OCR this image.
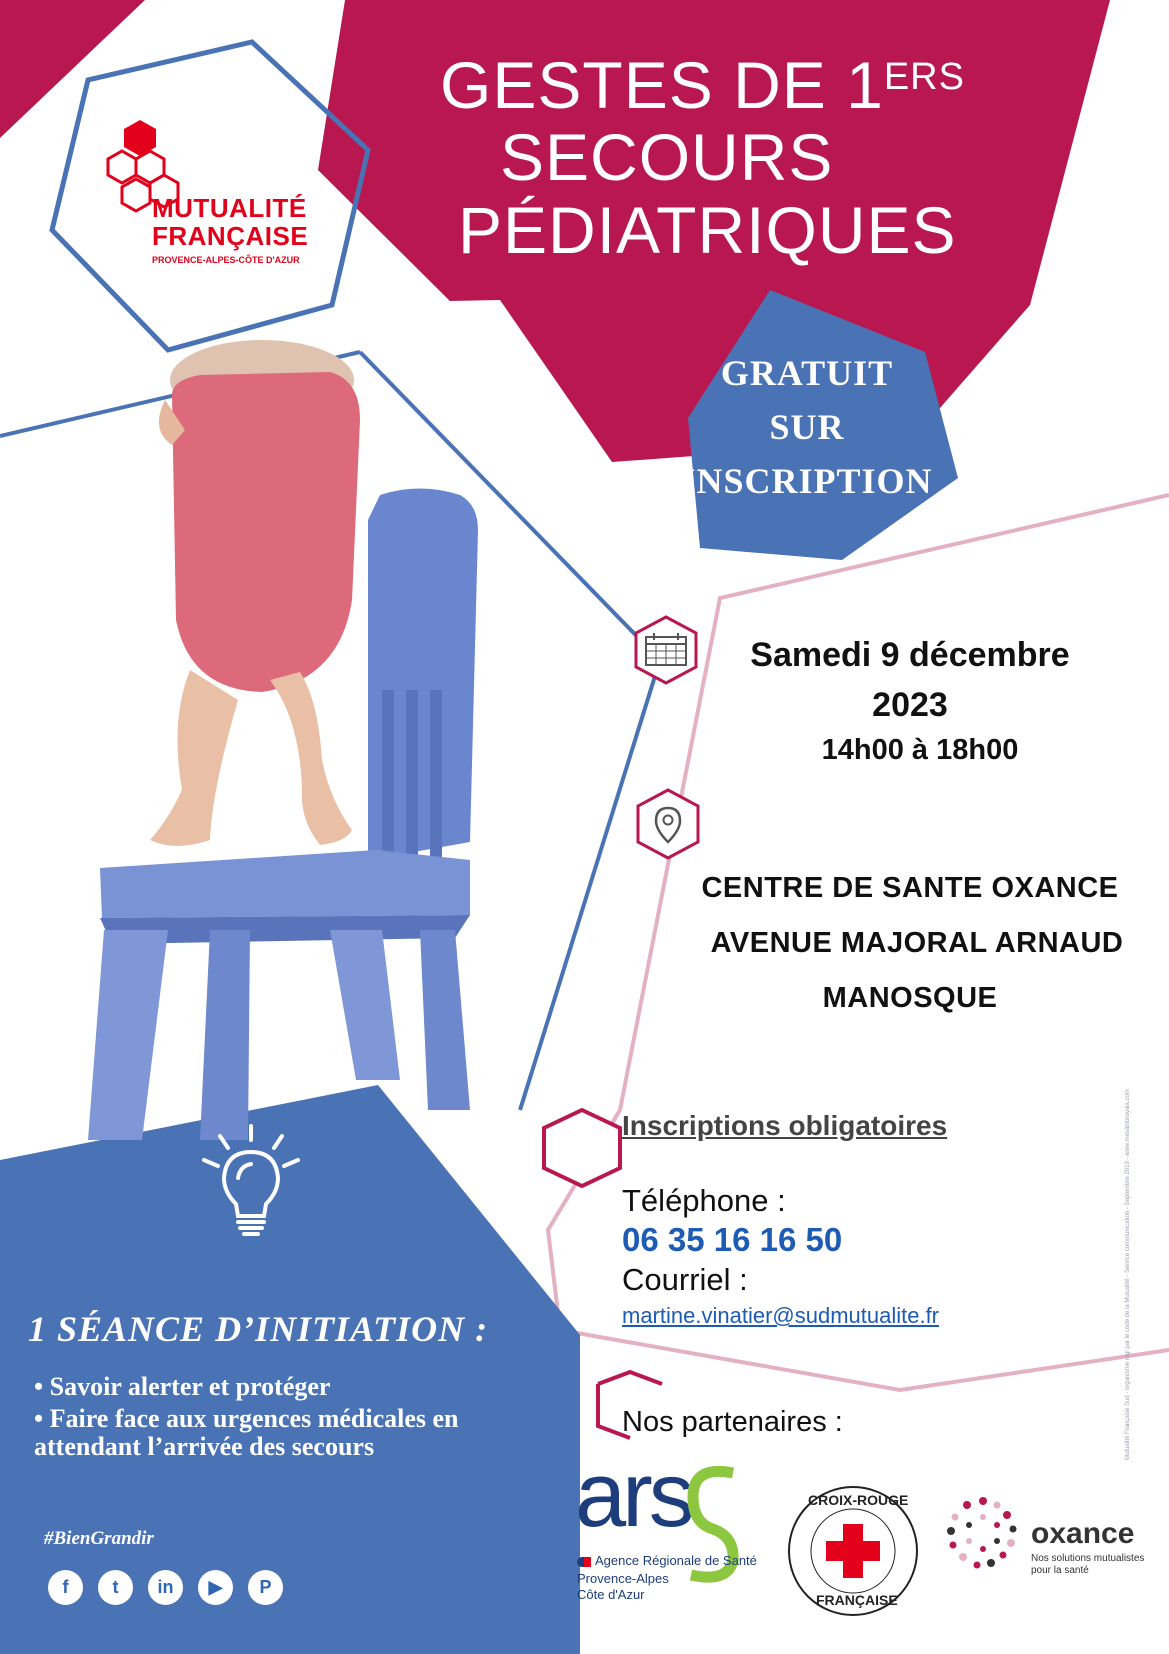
MUTUALITÉ
FRANÇAISE
PROVENCE-ALPES-CÔTE D'AZUR
GESTES DE 1ERS
SECOURS
PÉDIATRIQUES
GRATUIT
SUR
INSCRIPTION
Samedi 9 décembre
2023
14h00 à 18h00
CENTRE DE SANTE OXANCE
AVENUE MAJORAL ARNAUD
MANOSQUE
Inscriptions obligatoires
Téléphone :
06 35 16 16 50
Courriel :
martine.vinatier@sudmutualite.fr
Nos partenaires :
ars
Agence Régionale de Santé
Provence-Alpes
Côte d'Azur
CROIX-ROUGE
FRANÇAISE
oxance
Nos solutions mutualistes
pour la santé
1 SÉANCE D’INITIATION :
• Savoir alerter et protéger
• Faire face aux urgences médicales en
attendant l’arrivée des secours
#BienGrandir
f	t	in	▶	P
Mutualité Française Sud - organisme régi par le code de la Mutualité - Service communication - Septembre 2019 - www.mesahtorayala.com
